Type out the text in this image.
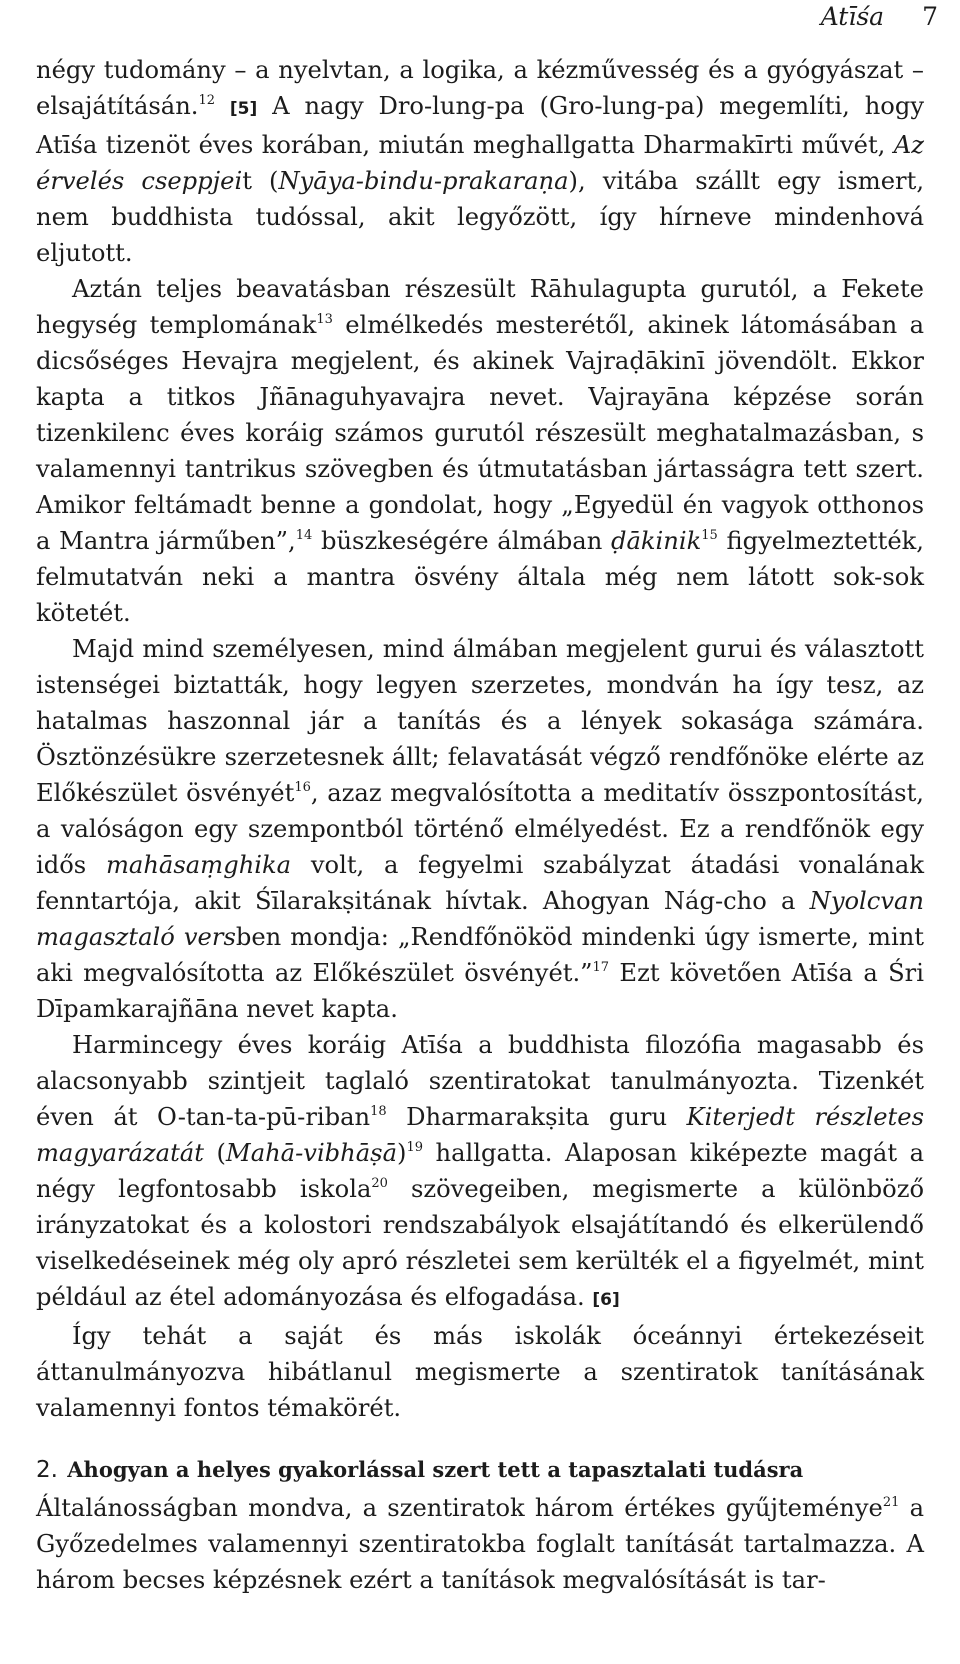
Atīśa 7

négy tudomány – a nyelvtan, a logika, a kézművesség és a gyógyászat – elsajátításán.$^{12}$ [5] A nagy Dro-lung-pa (Gro-lung-pa) megemlíti, hogy Atīśa tizenöt éves korában, miután meghallgatta Dharmakīrti művét, Az érvelés cseppjeit (Nyāya-bindu-prakaraṇa), vitába szállt egy ismert, nem buddhista tudóssal, akit legyőzött, így hírneve mindenhová eljutott.

Aztán teljes beavatásban részesült Rāhulagupta gurutól, a Fekete hegység templomának$^{13}$ elmélkedés mesterétől, akinek látomásában a dicsőséges Hevajra megjelent, és akinek Vajraḍākinī jövendölt. Ekkor kapta a titkos Jñānaguhyavajra nevet. Vajrayāna képzése során tizenkilenc éves koráig számos gurutól részesült meghatalmazásban, s valamennyi tantrikus szövegben és útmutatásban jártasságra tett szert. Amikor feltámadt benne a gondolat, hogy „Egyedül én vagyok otthonos a Mantra járműben”,$^{14}$ büszkeségére álmában ḍākinik$^{15}$ figyelmeztették, felmutatván neki a mantra ösvény általa még nem látott sok-sok kötetét.

Majd mind személyesen, mind álmában megjelent gurui és választott istenségei biztatták, hogy legyen szerzetes, mondván ha így tesz, az hatalmas haszonnal jár a tanítás és a lények sokasága számára. Ösztönzésükre szerzetesnek állt; felavatását végző rendfőnöke elérte az Előkészület ösvényét$^{16}$, azaz megvalósította a meditatív összpontosítást, a valóságon egy szempontból történő elmélyedést. Ez a rendfőnök egy idős mahāsaṃghika volt, a fegyelmi szabályzat átadási vonalának fenntartója, akit Śīlarakṣitának hívtak. Ahogyan Nág-cho a Nyolcvan magasztaló versben mondja: „Rendfőnököd mindenki úgy ismerte, mint aki megvalósította az Előkészület ösvényét.”$^{17}$ Ezt követően Atīśa a Śri Dīpamkarajñāna nevet kapta.

Harmincegy éves koráig Atīśa a buddhista filozófia magasabb és alacsonyabb szintjeit taglaló szentiratokat tanulmányozta. Tizenkét éven át O-tan-ta-pū-riban$^{18}$ Dharmarakṣita guru Kiterjedt részletes magyarázatát (Mahā-vibhāṣā)$^{19}$ hallgatta. Alaposan kiképezte magát a négy legfontosabb iskola$^{20}$ szövegeiben, megismerte a különböző irányzatokat és a kolostori rendszabályok elsajátítandó és elkerülendő viselkedéseinek még oly apró részletei sem kerülték el a figyelmét, mint például az étel adományozása és elfogadása. [6]

Így tehát a saját és más iskolák óceánnyi értekezéseit áttanulmányozva hibátlanul megismerte a szentiratok tanításának valamennyi fontos témakörét.

2. Ahogyan a helyes gyakorlással szert tett a tapasztalati tudásra

Általánosságban mondva, a szentiratok három értékes gyűjteménye$^{21}$ a Győzedelmes valamennyi szentiratokba foglalt tanítását tartalmazza. A három becses képzésnek ezért a tanítások megvalósítását is tar-
